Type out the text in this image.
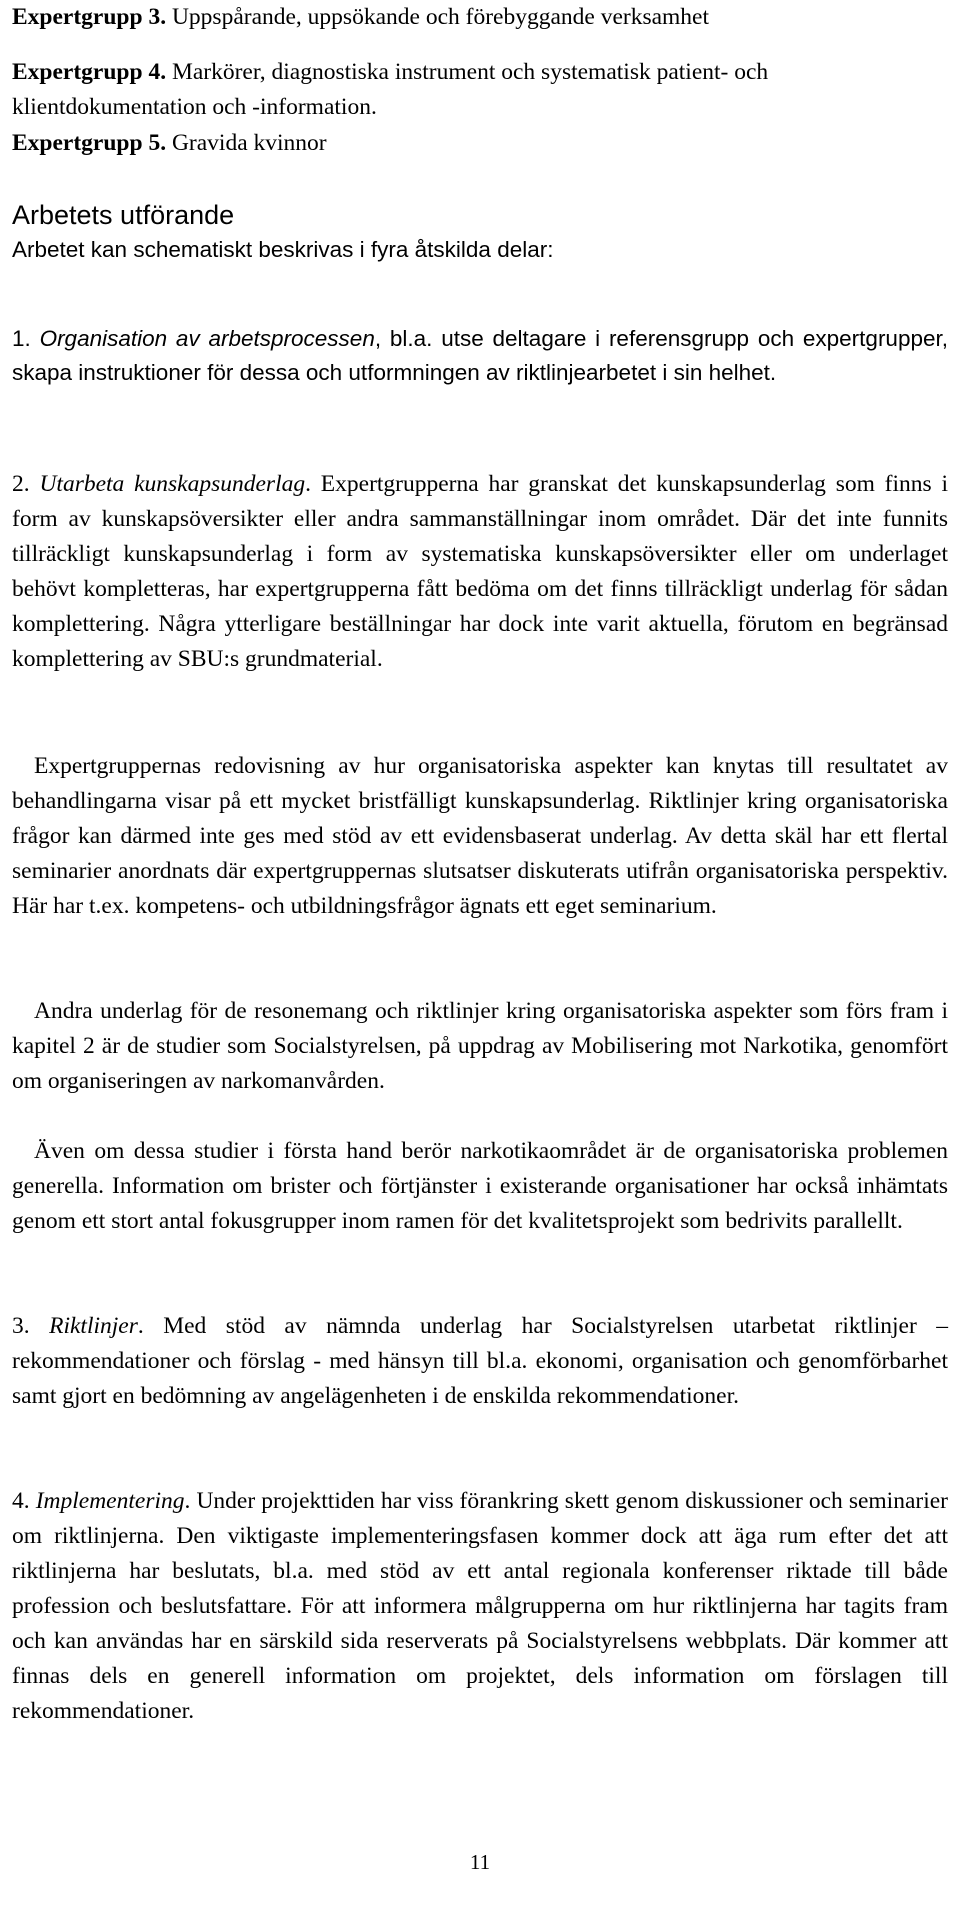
Expertgrupp 3. Uppspårande, uppsökande och förebyggande verksamhet

Expertgrupp 4. Markörer, diagnostiska instrument och systematisk patient- och klientdokumentation och -information.

Expertgrupp 5. Gravida kvinnor

Arbetets utförande

Arbetet kan schematiskt beskrivas i fyra åtskilda delar:

1. Organisation av arbetsprocessen, bl.a. utse deltagare i referensgrupp och expertgrupper, skapa instruktioner för dessa och utformningen av riktlinjearbetet i sin helhet.

2. Utarbeta kunskapsunderlag. Expertgrupperna har granskat det kunskapsunderlag som finns i form av kunskapsöversikter eller andra sammanställningar inom området. Där det inte funnits tillräckligt kunskapsunderlag i form av systematiska kunskapsöversikter eller om underlaget behövt kompletteras, har expertgrupperna fått bedöma om det finns tillräckligt underlag för sådan komplettering. Några ytterligare beställningar har dock inte varit aktuella, förutom en begränsad komplettering av SBU:s grundmaterial.

Expertgruppernas redovisning av hur organisatoriska aspekter kan knytas till resultatet av behandlingarna visar på ett mycket bristfälligt kunskapsunderlag. Riktlinjer kring organisatoriska frågor kan därmed inte ges med stöd av ett evidensbaserat underlag. Av detta skäl har ett flertal seminarier anordnats där expertgruppernas slutsatser diskuterats utifrån organisatoriska perspektiv. Här har t.ex. kompetens- och utbildningsfrågor ägnats ett eget seminarium.

Andra underlag för de resonemang och riktlinjer kring organisatoriska aspekter som förs fram i kapitel 2 är de studier som Socialstyrelsen, på uppdrag av Mobilisering mot Narkotika, genomfört om organiseringen av narkomanvården.

Även om dessa studier i första hand berör narkotikaområdet är de organisatoriska problemen generella. Information om brister och förtjänster i existerande organisationer har också inhämtats genom ett stort antal fokusgrupper inom ramen för det kvalitetsprojekt som bedrivits parallellt.

3. Riktlinjer. Med stöd av nämnda underlag har Socialstyrelsen utarbetat riktlinjer – rekommendationer och förslag - med hänsyn till bl.a. ekonomi, organisation och genomförbarhet samt gjort en bedömning av angelägenheten i de enskilda rekommendationer.

4. Implementering. Under projekttiden har viss förankring skett genom diskussioner och seminarier om riktlinjerna. Den viktigaste implementeringsfasen kommer dock att äga rum efter det att riktlinjerna har beslutats, bl.a. med stöd av ett antal regionala konferenser riktade till både profession och beslutsfattare. För att informera målgrupperna om hur riktlinjerna har tagits fram och kan användas har en särskild sida reserverats på Socialstyrelsens webbplats. Där kommer att finnas dels en generell information om projektet, dels information om förslagen till rekommendationer.

11
